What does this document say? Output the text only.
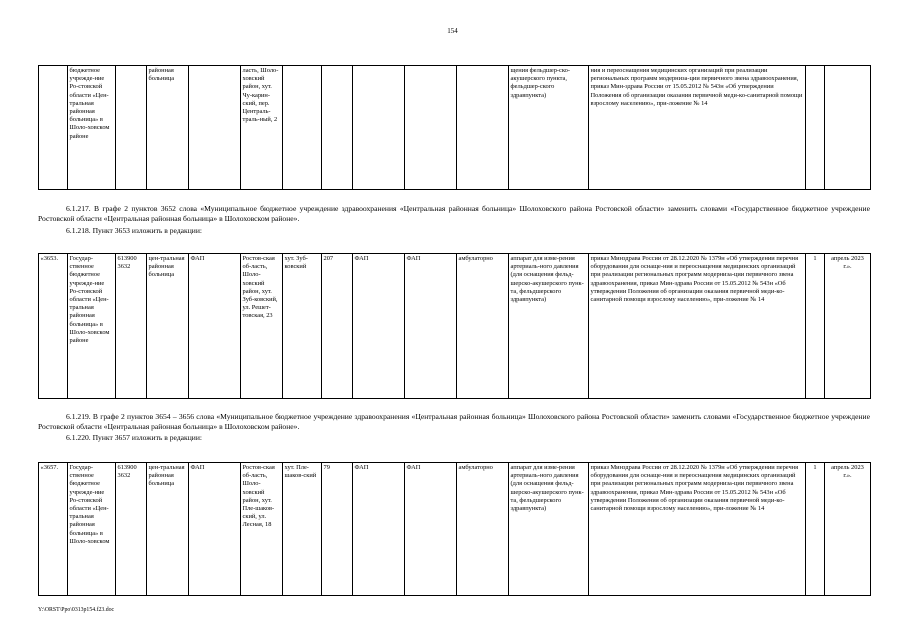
154
	бюджетное учрежде-ние Ро-стовской области «Цен-тральная районная больница» в Шоло-ховском районе		районная больница		ласть, Шоло-ховский район, хут. Чу-карин-ский, пер. Централь-траль-ный, 2						щения фельдшер-ско-акушерского пункта, фельдшер-ского здравпункта)	ния и переоснащения медицинских организаций при реализации региональных программ модерниза-ции первичного звена здравоохранения, приказ Мин-здрава России от 15.05.2012 № 543н «Об утверждении Положения об организации оказания первичной меди-ко-санитарной помощи взрослому населению», при-ложение № 14		
6.1.217. В графе 2 пунктов 3652 слова «Муниципальное бюджетное учреждение здравоохранения «Центральная районная больница» Шолоховского района Ростовской области» заменить словами «Государственное бюджетное учреждение Ростовской области «Центральная районная больница» в Шолоховском районе».
6.1.218. Пункт 3653 изложить в редакции:
«3653.	Государ-ственное бюджетное учрежде-ние Ро-стовской области «Цен-тральная районная больница» в Шоло-ховском районе	613900 3632	цен-тральная районная больница	ФАП	Ростов-ская об-ласть, Шоло-ховский район, хут. Зуб-ковский, ул. Решет-товская, 23	хут. Зуб-ковский	207	ФАП	ФАП	амбулаторно	аппарат для изме-рения артериаль-ного давления (для оснащения фельд-шерско-акушерского пунк-та, фельдшерского здравпункта)	приказ Минздрава России от 28.12.2020 № 1379н «Об утверждении перечня оборудования для оснаще-ния и переоснащения медицинских организаций при реализации региональных программ модерниза-ции первичного звена здравоохранения, приказ Мин-здрава России от 15.05.2012 № 543н «Об утверждении Положения об организации оказания первичной меди-ко-санитарной помощи взрослому населению», при-ложение № 14	1	апрель 2023 г.».
6.1.219. В графе 2 пунктов 3654 – 3656 слова «Муниципальное бюджетное учреждение здравоохранения «Центральная районная больница» Шолоховского района Ростовской области» заменить словами «Государственное бюджетное учреждение Ростовской области «Центральная районная больница» в Шолоховском районе».
6.1.220. Пункт 3657 изложить в редакции:
«3657.	Государ-ственное бюджетное учрежде-ние Ро-стовской области «Цен-тральная районная больница» в Шоло-ховском	613900 3632	цен-тральная районная больница	ФАП	Ростов-ская об-ласть, Шоло-ховский район, хут. Пле-шаков-ский, ул. Лесная, 18	хут. Пле-шаков-ский	79	ФАП	ФАП	амбулаторно	аппарат для изме-рения артериаль-ного давления (для оснащения фельд-шерско-акушерского пунк-та, фельдшерского здравпункта)	приказ Минздрава России от 28.12.2020 № 1379н «Об утверждении перечня оборудования для оснаще-ния и переоснащения медицинских организаций при реализации региональных программ модерниза-ции первичного звена здравоохранения, приказ Мин-здрава России от 15.05.2012 № 543н «Об утверждении Положения об организации оказания первичной меди-ко-санитарной помощи взрослому населению», при-ложение № 14	1	апрель 2023 г.».
Y:\ORST\Ppo\0313p154.f23.doc
